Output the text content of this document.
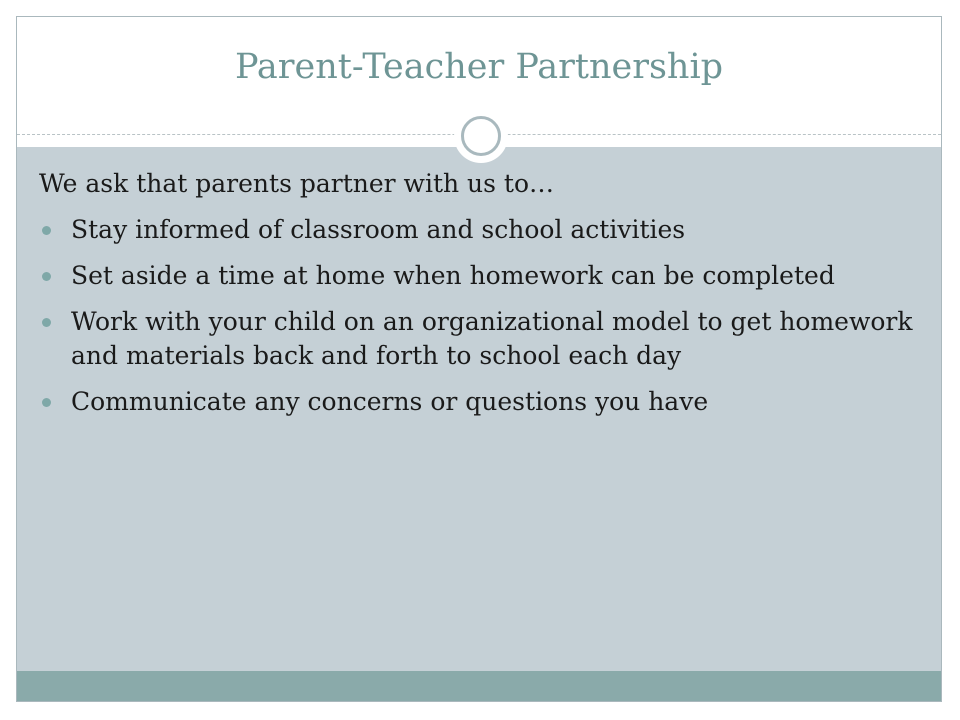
Parent-Teacher Partnership

We ask that parents partner with us to…

Stay informed of classroom and school activities
Set aside a time at home when homework can be completed
Work with your child on an organizational model to get homework and materials back and forth to school each day
Communicate any concerns or questions you have
